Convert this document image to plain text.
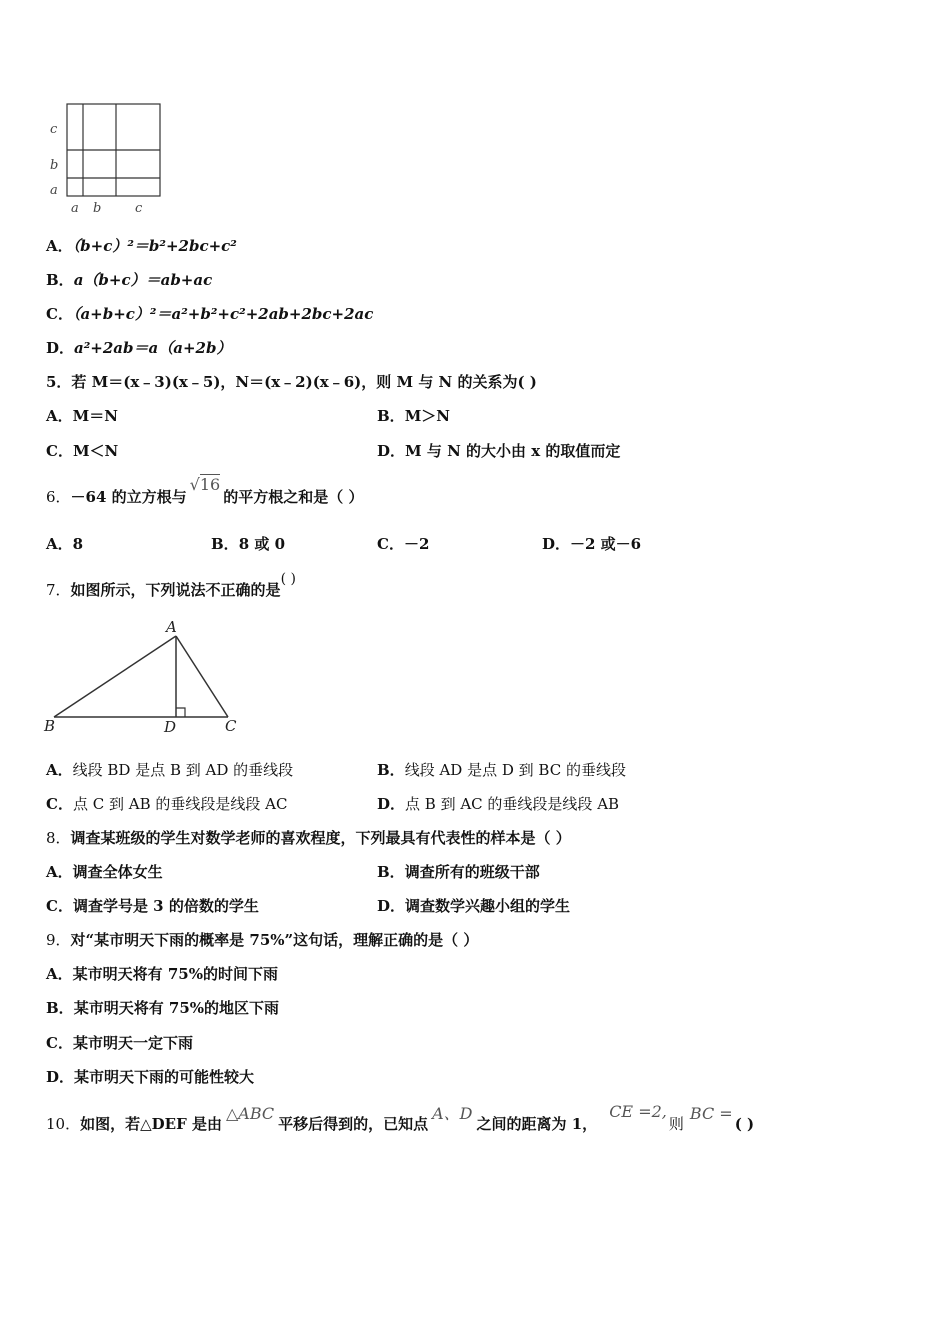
c
b
a
a b	c
A．（b+c）²＝b²+2bc+c²
B．a（b+c）＝ab+ac
C．（a+b+c）²＝a²+b²+c²+2ab+2bc+2ac
D．a²+2ab＝a（a+2b）
5．若 M＝(x﹣3)(x﹣5)，N＝(x﹣2)(x﹣6)，则 M 与 N 的关系为( )
A．M＝N	B．M＞N
C．M＜N	D．M 与 N 的大小由 x 的取值而定
6．－64 的立方根与√16的平方根之和是（ ）
A．8	B．8 或 0	C．－2	D．－2 或－6
7．如图所示，下列说法不正确的是( )
A
B	C
D
A．线段 BD 是点 B 到 AD 的垂线段	B．线段 AD 是点 D 到 BC 的垂线段
C．点 C 到 AB 的垂线段是线段 AC	D．点 B 到 AC 的垂线段是线段 AB
8．调查某班级的学生对数学老师的喜欢程度，下列最具有代表性的样本是（ ）
A．调查全体女生	B．调查所有的班级干部
C．调查学号是 3 的倍数的学生	D．调查数学兴趣小组的学生
9．对“某市明天下雨的概率是 75%”这句话，理解正确的是（ ）
A．某市明天将有 75%的时间下雨
B．某市明天将有 75%的地区下雨
C．某市明天一定下雨
D．某市明天下雨的可能性较大
10．如图，若△DEF 是由△ABC平移后得到的，已知点A、D之间的距离为 1，CE =2,则BC =( )
